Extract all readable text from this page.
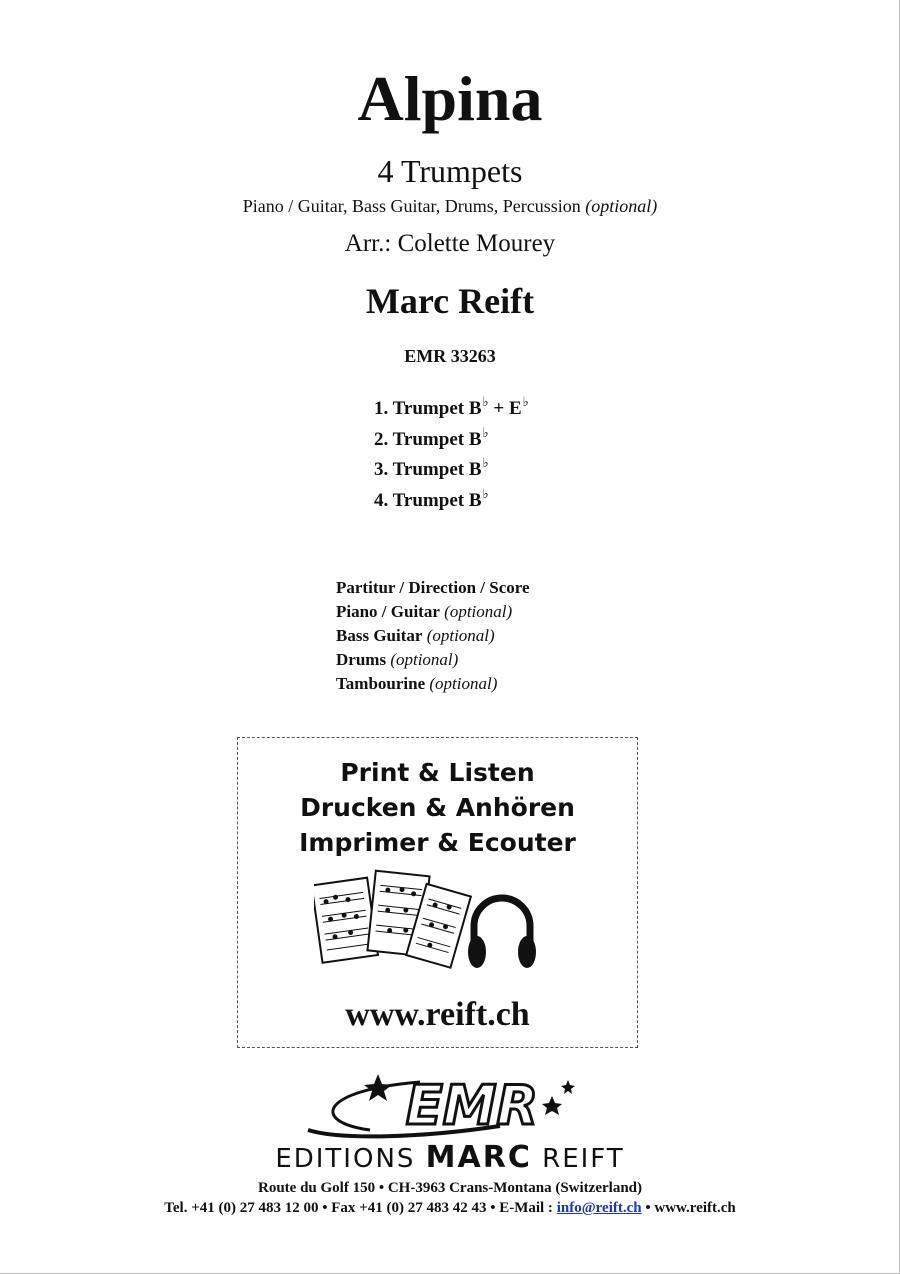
Alpina
4 Trumpets
Piano / Guitar, Bass Guitar, Drums, Percussion (optional)
Arr.: Colette Mourey
Marc Reift
EMR 33263
1. Trumpet B♭ + E♭
2. Trumpet B♭
3. Trumpet B♭
4. Trumpet B♭
Partitur / Direction / Score
Piano / Guitar (optional)
Bass Guitar (optional)
Drums (optional)
Tambourine (optional)
Print & Listen
Drucken & Anhören
Imprimer & Ecouter
www.reift.ch
EMR
EDITIONS MARC REIFT
Route du Golf 150 • CH-3963 Crans-Montana (Switzerland)
Tel. +41 (0) 27 483 12 00 • Fax +41 (0) 27 483 42 43 • E-Mail : info@reift.ch • www.reift.ch
